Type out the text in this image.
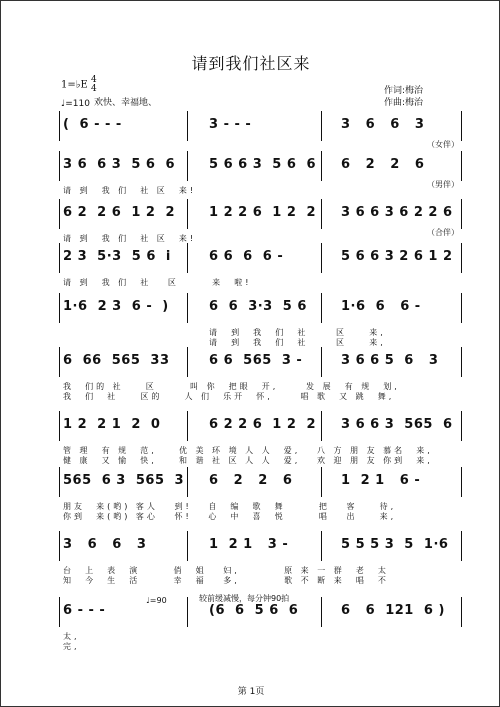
请到我们社区来
1=♭E 4
4
♩=110 欢快、幸福地、
作词:梅治
作曲:梅治
(  6 - - -	3 - - -	3   6   6   3
（女伴）
3 6  6 3  5 6  6	5 6 6 3  5 6  6 6   2   2   6
请 到  我 们  社 区  来!
（男伴）
6 2  2 6  1 2  2	1 2 2 6  1 2  2 3 6 6 3 6 2 2 6
请 到  我 们  社 区  来!
（合伴）
2 3  5·3  5 6  i	6 6  6  6 -	5 6 6 3 2 6 1 2
请 到  我 们  社   区      来  啦!
1·6  2 3  6 -  )	6  6  3·3  5 6	1·6  6   6 -
请  到  我  们  社     区    来,
请  到  我  们  社     区    来,
6  66  565  33	6 6  565  3 -	3 6 6 5  6   3
我  们的 社    区      叫 你  把眼  开,     发 展  有 规  划,
我  们  社    区的    人 们  乐开  怀,     唱 歌  又 跳  舞,
1 2  2 1  2  0	6 2 2 6  1 2  2 3 6 6 3  565  6
管 理  有 规  范,    优 美 环 境 人 人  爱,   八 方 朋 友 慕名  来,
健 康  又 愉  快,    和 谐 社 区 人 人  爱,   欢 迎 朋 友 你到  来,
565  6 3  565  3 6   2   2   6	1  2 1   6 -
朋友  来(哟) 客人   到!   自  编  歌  舞      把   客    待,
你到  来(哟) 客心   怀!   心  中  喜  悦      唱   出    来,
3   6   6   3	1  2 1   3 -	5 5 5 3  5  1·6
台  上  表  演      俏  姐   妇,        原 来 一 群  老  太
知  今  生  活      幸  福   多,        歌 不 断 来  唱  不
6 - - -	(6  6  5 6  6	6   6  121  6 )
太,
完,
♩=90	较前缓减慢，每分钟90拍
第 1页
